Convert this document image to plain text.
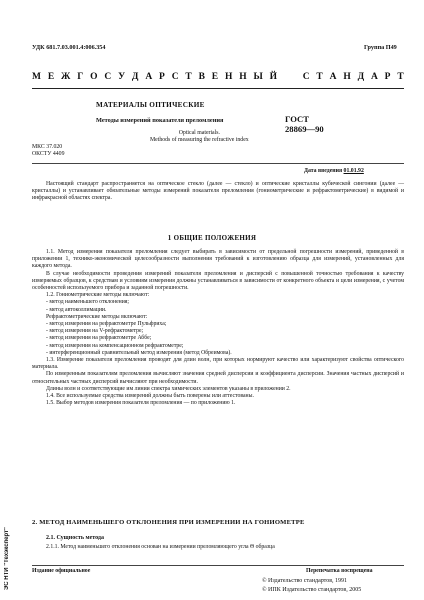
УДК 681.7.03.001.4:006.354	Группа П49
М Е Ж Г О С У Д А Р С Т В Е Н Н Ы Й	С Т А Н Д А Р Т
МАТЕРИАЛЫ ОПТИЧЕСКИЕ
Методы измерений показателя преломления
Optical materials.
Methods of measuring the refractive index
ГОСТ
28869—90
МКС 37.020
ОКСТУ 4409
Дата введения 01.01.92

Настоящий стандарт распространяется на оптическое стекло (далее — стекло) и оптические кристаллы кубической сингонии (далее — кристаллы) и устанавливает обязательные методы измерений показателя преломления (гониометрические и рефрактометрические) в видимой и инфракрасной областях спектра.

1 ОБЩИЕ ПОЛОЖЕНИЯ

1.1. Метод измерения показателя преломления следует выбирать в зависимости от предельной погрешности измерений, приведенной в приложении 1, технико-экономической целесообразности выполнения требований к изготовлению образца для измерений, установленных для каждого метода.

В случае необходимости проведения измерений показателя преломления и дисперсий с повышенной точностью требования к качеству измеряемых образцов, к средствам и условиям измерения должны устанавливаться в зависимости от конкретного объекта и цели измерения, с учетом особенностей используемого прибора и заданной погрешности.

1.2. Гониометрические методы включают:

- метод наименьшего отклонения;
- метод автоколлимации.

Рефрактометрические методы включают:

- метод измерения на рефрактометре Пульфриха;
- метод измерения на V-рефрактометре;
- метод измерения на рефрактометре Аббе;
- метод измерения на компенсационном рефрактометре;
- интерференционный сравнительный метод измерения (метод Обреимова).

1.3. Измерение показателя преломления проводят для длин волн, при которых нормируют качество или характеризуют свойства оптического материала.

По измеренным показателям преломления вычисляют значения средней дисперсии и коэффициента дисперсии. Значения частных дисперсий и относительных частных дисперсий вычисляют при необходимости.

Длины волн и соответствующие им линии спектра химических элементов указаны в приложении 2.

1.4. Все используемые средства измерений должны быть поверены или аттестованы.

1.5. Выбор методов измерения показателя преломления — по приложению 1.

2. МЕТОД НАИМЕНЬШЕГО ОТКЛОНЕНИЯ ПРИ ИЗМЕРЕНИИ НА ГОНИОМЕТРЕ
2.1. Сущность метода

2.1.1. Метод наименьшего отклонения основан на измерении преломляющего угла Θ образца

Издание официальное	Перепечатка воспрещена
© Издательство стандартов, 1991
© ИПК Издательство стандартов, 2005
ЭС НТИ "Техэксперт"
